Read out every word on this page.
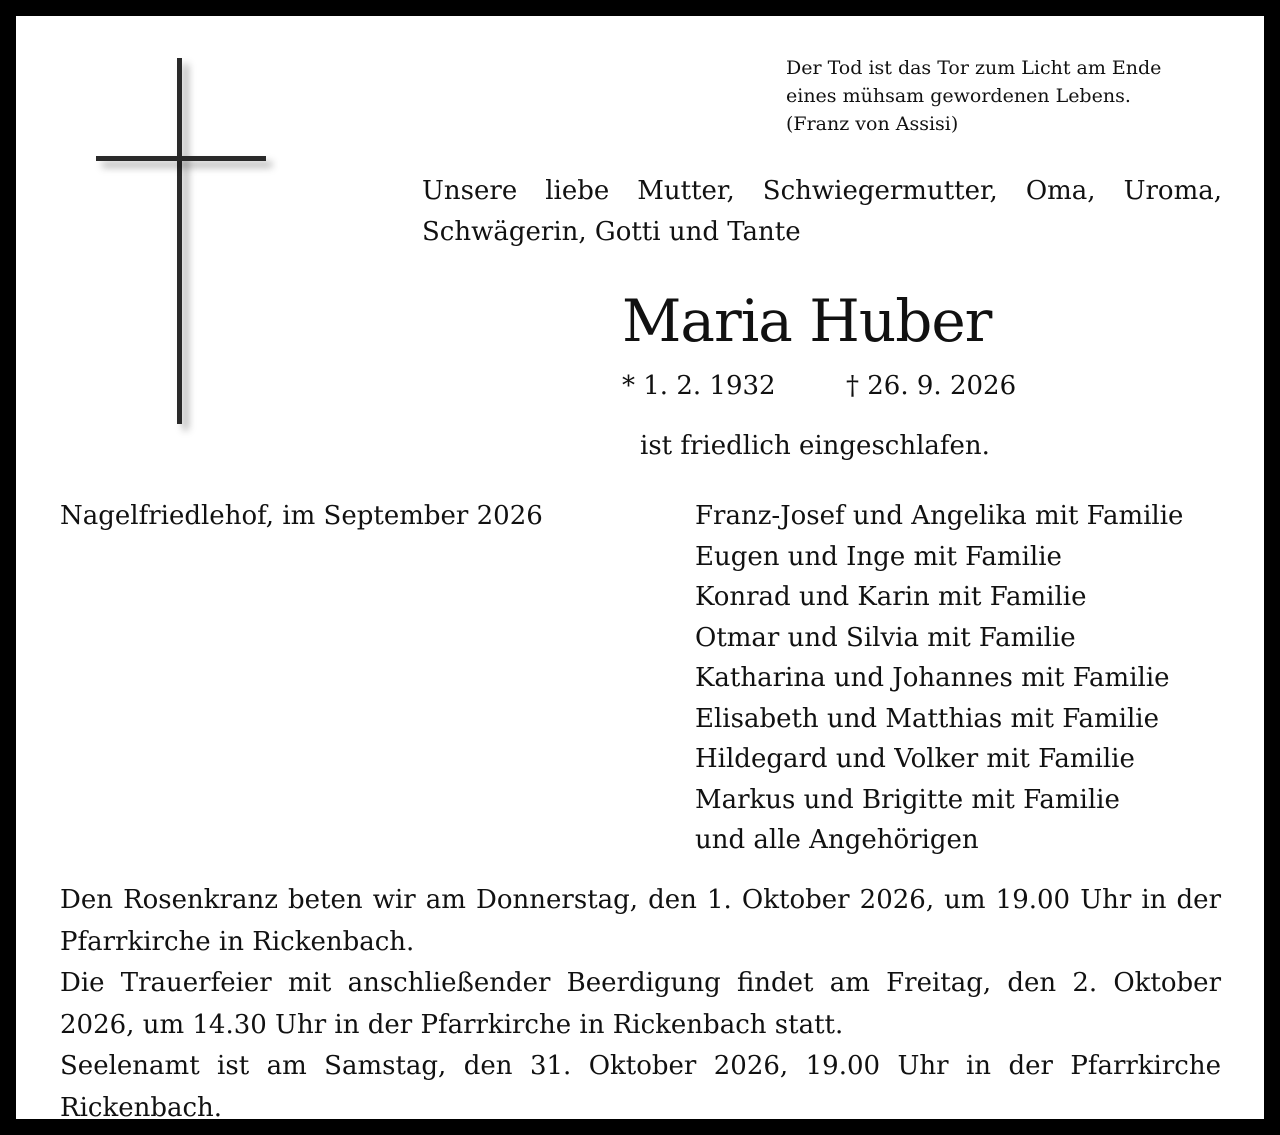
Der Tod ist das Tor zum Licht am Ende
eines mühsam gewordenen Lebens.
(Franz von Assisi)
Unsere liebe Mutter, Schwiegermutter, Oma, Uroma,
Schwägerin, Gotti und Tante
Maria Huber
* 1. 2. 1932	† 26. 9. 2026
ist friedlich eingeschlafen.
Nagelfriedlehof, im September 2026	Franz-Josef und Angelika mit Familie
Eugen und Inge mit Familie
Konrad und Karin mit Familie
Otmar und Silvia mit Familie
Katharina und Johannes mit Familie
Elisabeth und Matthias mit Familie
Hildegard und Volker mit Familie
Markus und Brigitte mit Familie
und alle Angehörigen

Den Rosenkranz beten wir am Donnerstag, den 1. Oktober 2026, um 19.00 Uhr in der Pfarrkirche in Rickenbach.

Die Trauerfeier mit anschließender Beerdigung findet am Freitag, den 2. Oktober 2026, um 14.30 Uhr in der Pfarrkirche in Rickenbach statt.

Seelenamt ist am Samstag, den 31. Oktober 2026, 19.00 Uhr in der Pfarrkirche Rickenbach.
